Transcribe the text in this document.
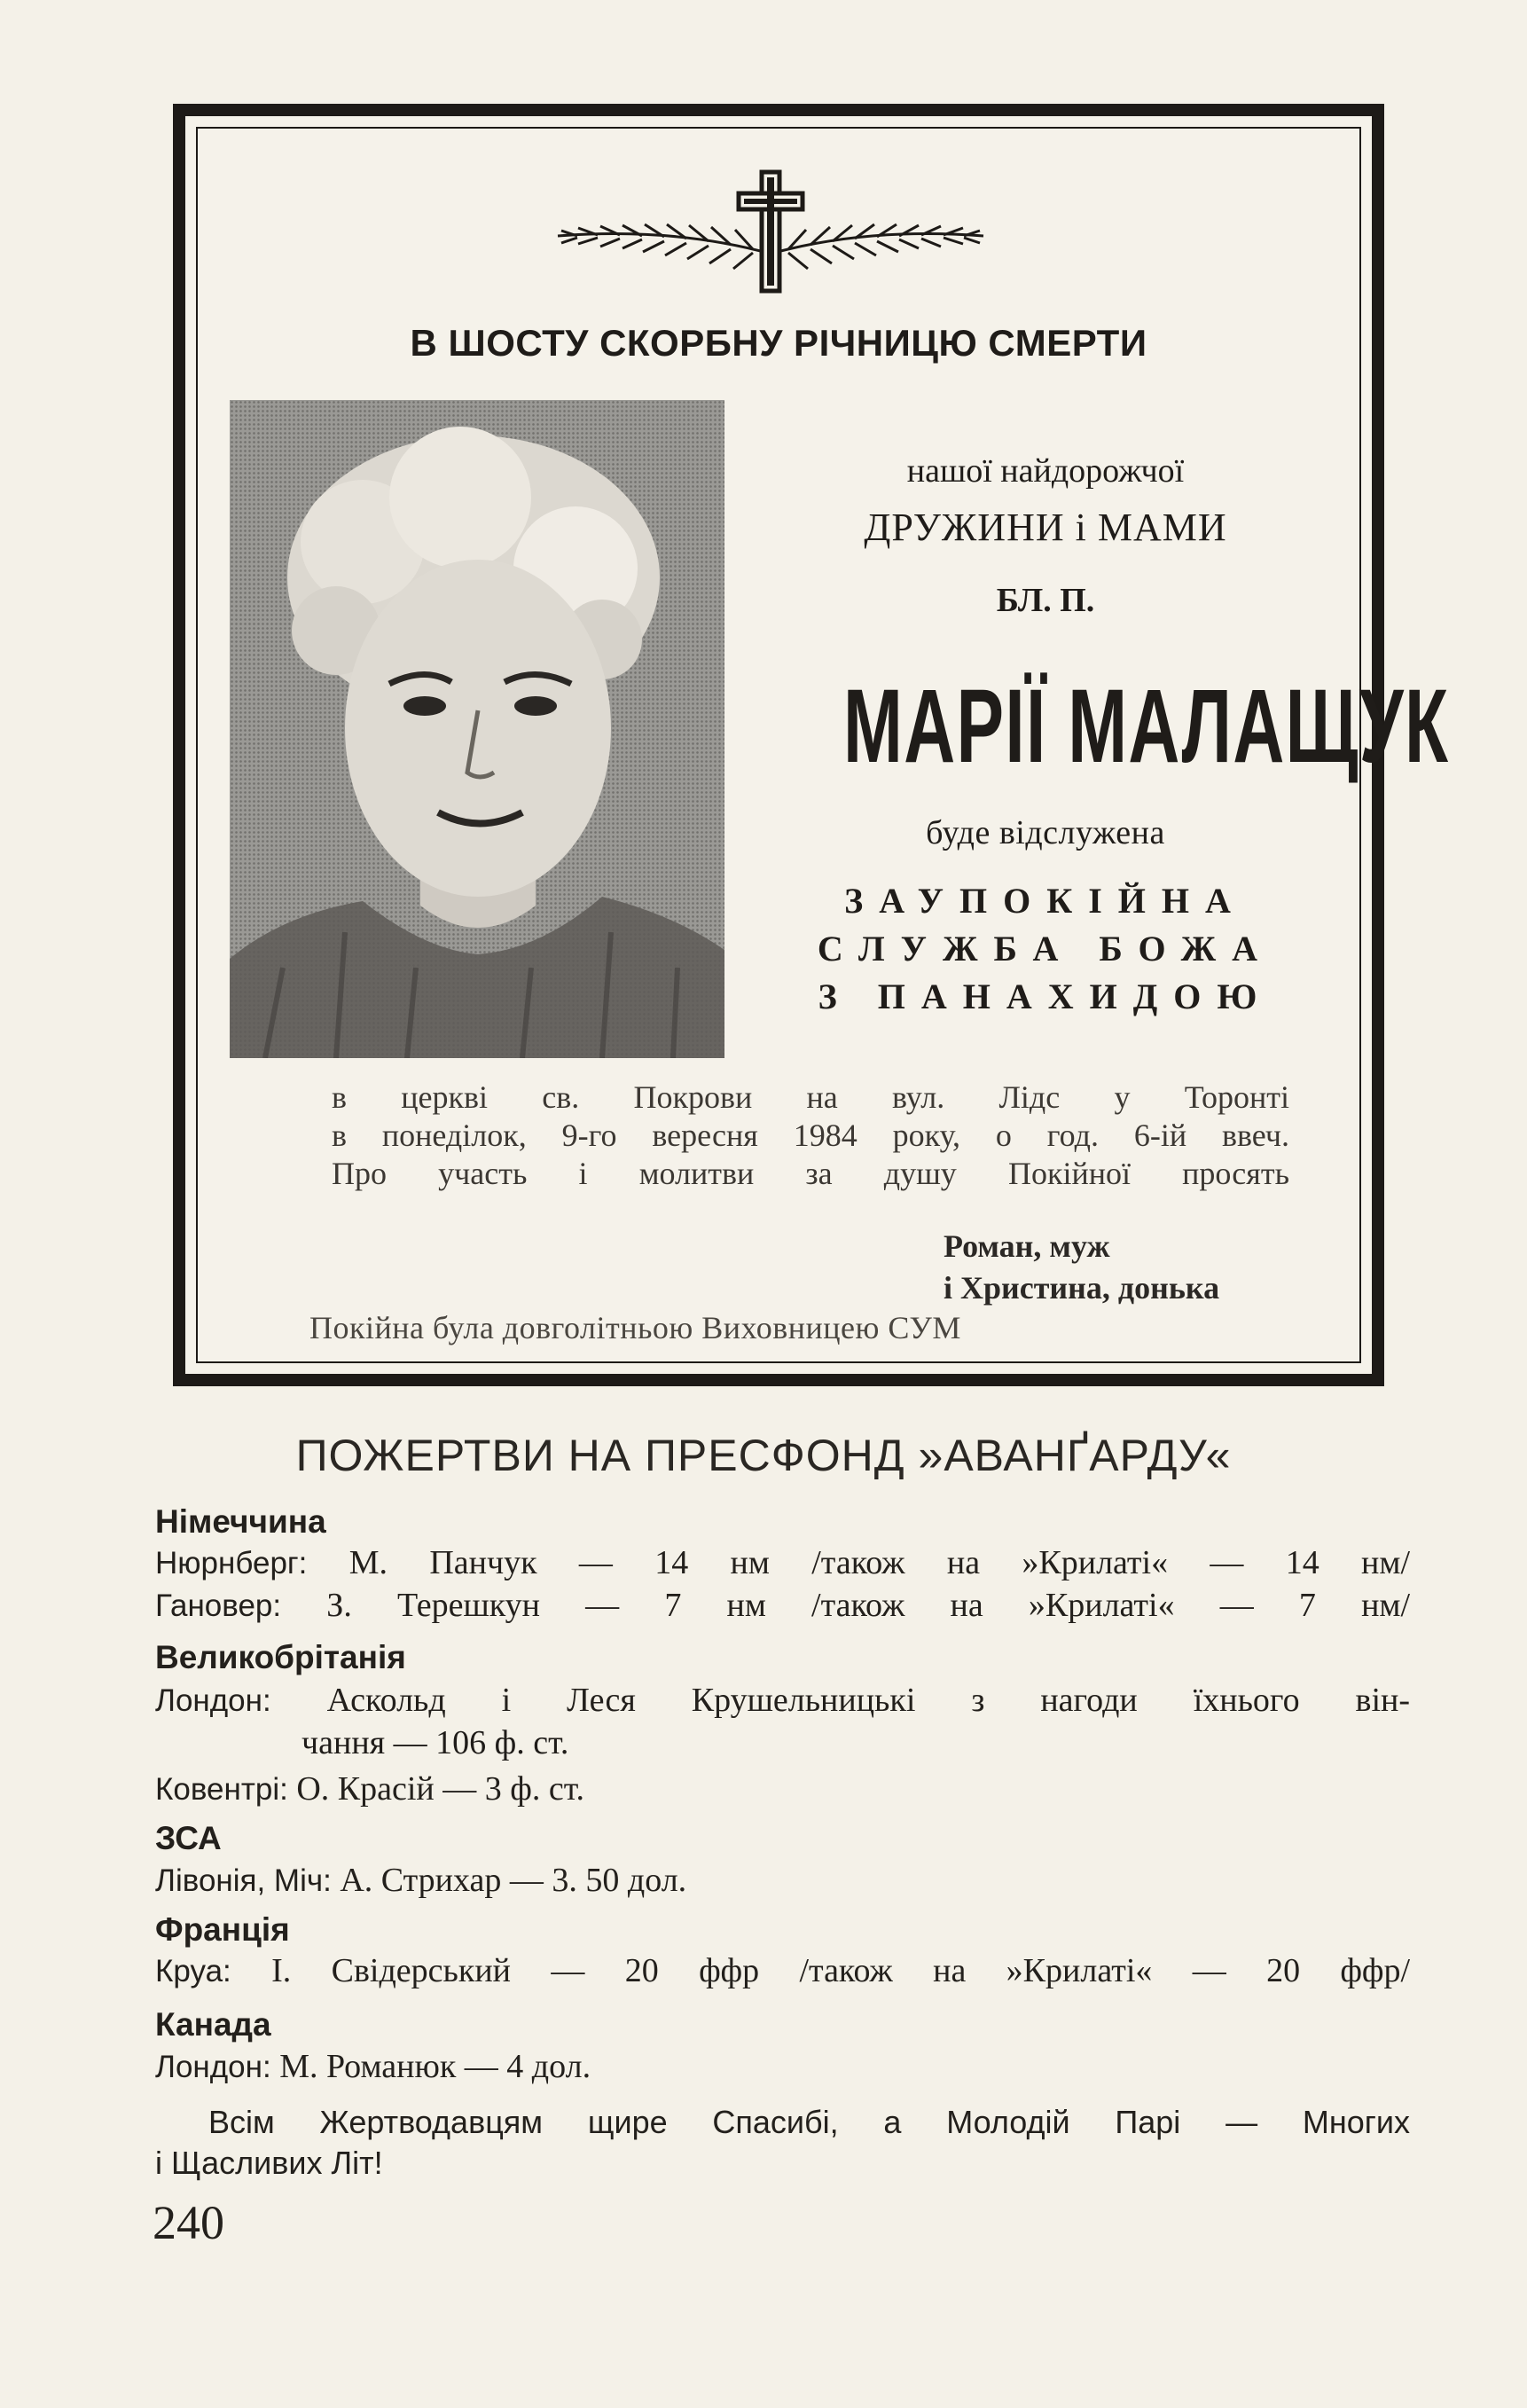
В ШОСТУ СКОРБНУ РІЧНИЦЮ СМЕРТИ
нашої найдорожчої
ДРУЖИНИ і МАМИ
БЛ. П.
МАРІЇ МАЛАЩУК
буде відслужена
ЗАУПОКІЙНА
СЛУЖБА БОЖА
З ПАНАХИДОЮ
в церкві св. Покрови на вул. Лідс у Торонті
в понеділок, 9-го вересня 1984 року, о год. 6-ій ввеч.
Про участь і молитви за душу Покійної просять
Роман, муж
і Христина, донька
Покійна була довголітньою Виховницею СУМ
ПОЖЕРТВИ НА ПРЕСФОНД »АВАНҐАРДУ«
Німеччина
Нюрнберг: М. Панчук — 14 нм /також на »Крилаті« — 14 нм/
Гановер: З. Терешкун — 7 нм /також на »Крилаті« — 7 нм/
Великобрітанія
Лондон: Аскольд і Леся Крушельницькі з нагоди їхнього він-
чання — 106 ф. ст.
Ковентрі: О. Красій — 3 ф. ст.
ЗСА
Лівонія, Міч: А. Стрихар — 3. 50 дол.
Франція
Круа: І. Свідерський — 20 ффр /також на »Крилаті« — 20 ффр/
Канада
Лондон: М. Романюк — 4 дол.
Всім Жертводавцям щире Спасибі, а Молодій Парі — Многих
і Щасливих Літ!
240
